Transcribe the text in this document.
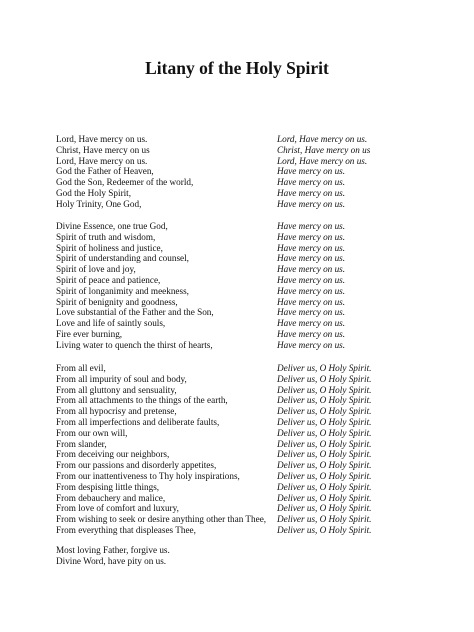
Litany of the Holy Spirit
Lord, Have mercy on us.	Lord, Have mercy on us.
Christ, Have mercy on us	Christ, Have mercy on us
Lord, Have mercy on us.	Lord, Have mercy on us.
God the Father of Heaven,	Have mercy on us.
God the Son, Redeemer of the world,	Have mercy on us.
God the Holy Spirit,	Have mercy on us.
Holy Trinity, One God,	Have mercy on us.
Divine Essence, one true God,	Have mercy on us.
Spirit of truth and wisdom,	Have mercy on us.
Spirit of holiness and justice,	Have mercy on us.
Spirit of understanding and counsel,	Have mercy on us.
Spirit of love and joy,	Have mercy on us.
Spirit of peace and patience,	Have mercy on us.
Spirit of longanimity and meekness,	Have mercy on us.
Spirit of benignity and goodness,	Have mercy on us.
Love substantial of the Father and the Son,	Have mercy on us.
Love and life of saintly souls,	Have mercy on us.
Fire ever burning,	Have mercy on us.
Living water to quench the thirst of hearts,	Have mercy on us.
From all evil,	Deliver us, O Holy Spirit.
From all impurity of soul and body,	Deliver us, O Holy Spirit.
From all gluttony and sensuality,	Deliver us, O Holy Spirit.
From all attachments to the things of the earth,	Deliver us, O Holy Spirit.
From all hypocrisy and pretense,	Deliver us, O Holy Spirit.
From all imperfections and deliberate faults,	Deliver us, O Holy Spirit.
From our own will,	Deliver us, O Holy Spirit.
From slander,	Deliver us, O Holy Spirit.
From deceiving our neighbors,	Deliver us, O Holy Spirit.
From our passions and disorderly appetites,	Deliver us, O Holy Spirit.
From our inattentiveness to Thy holy inspirations,	Deliver us, O Holy Spirit.
From despising little things,	Deliver us, O Holy Spirit.
From debauchery and malice,	Deliver us, O Holy Spirit.
From love of comfort and luxury,	Deliver us, O Holy Spirit.
From wishing to seek or desire anything other than Thee, Deliver us, O Holy Spirit.
From everything that displeases Thee,	Deliver us, O Holy Spirit.
Most loving Father, forgive us.
Divine Word, have pity on us.
